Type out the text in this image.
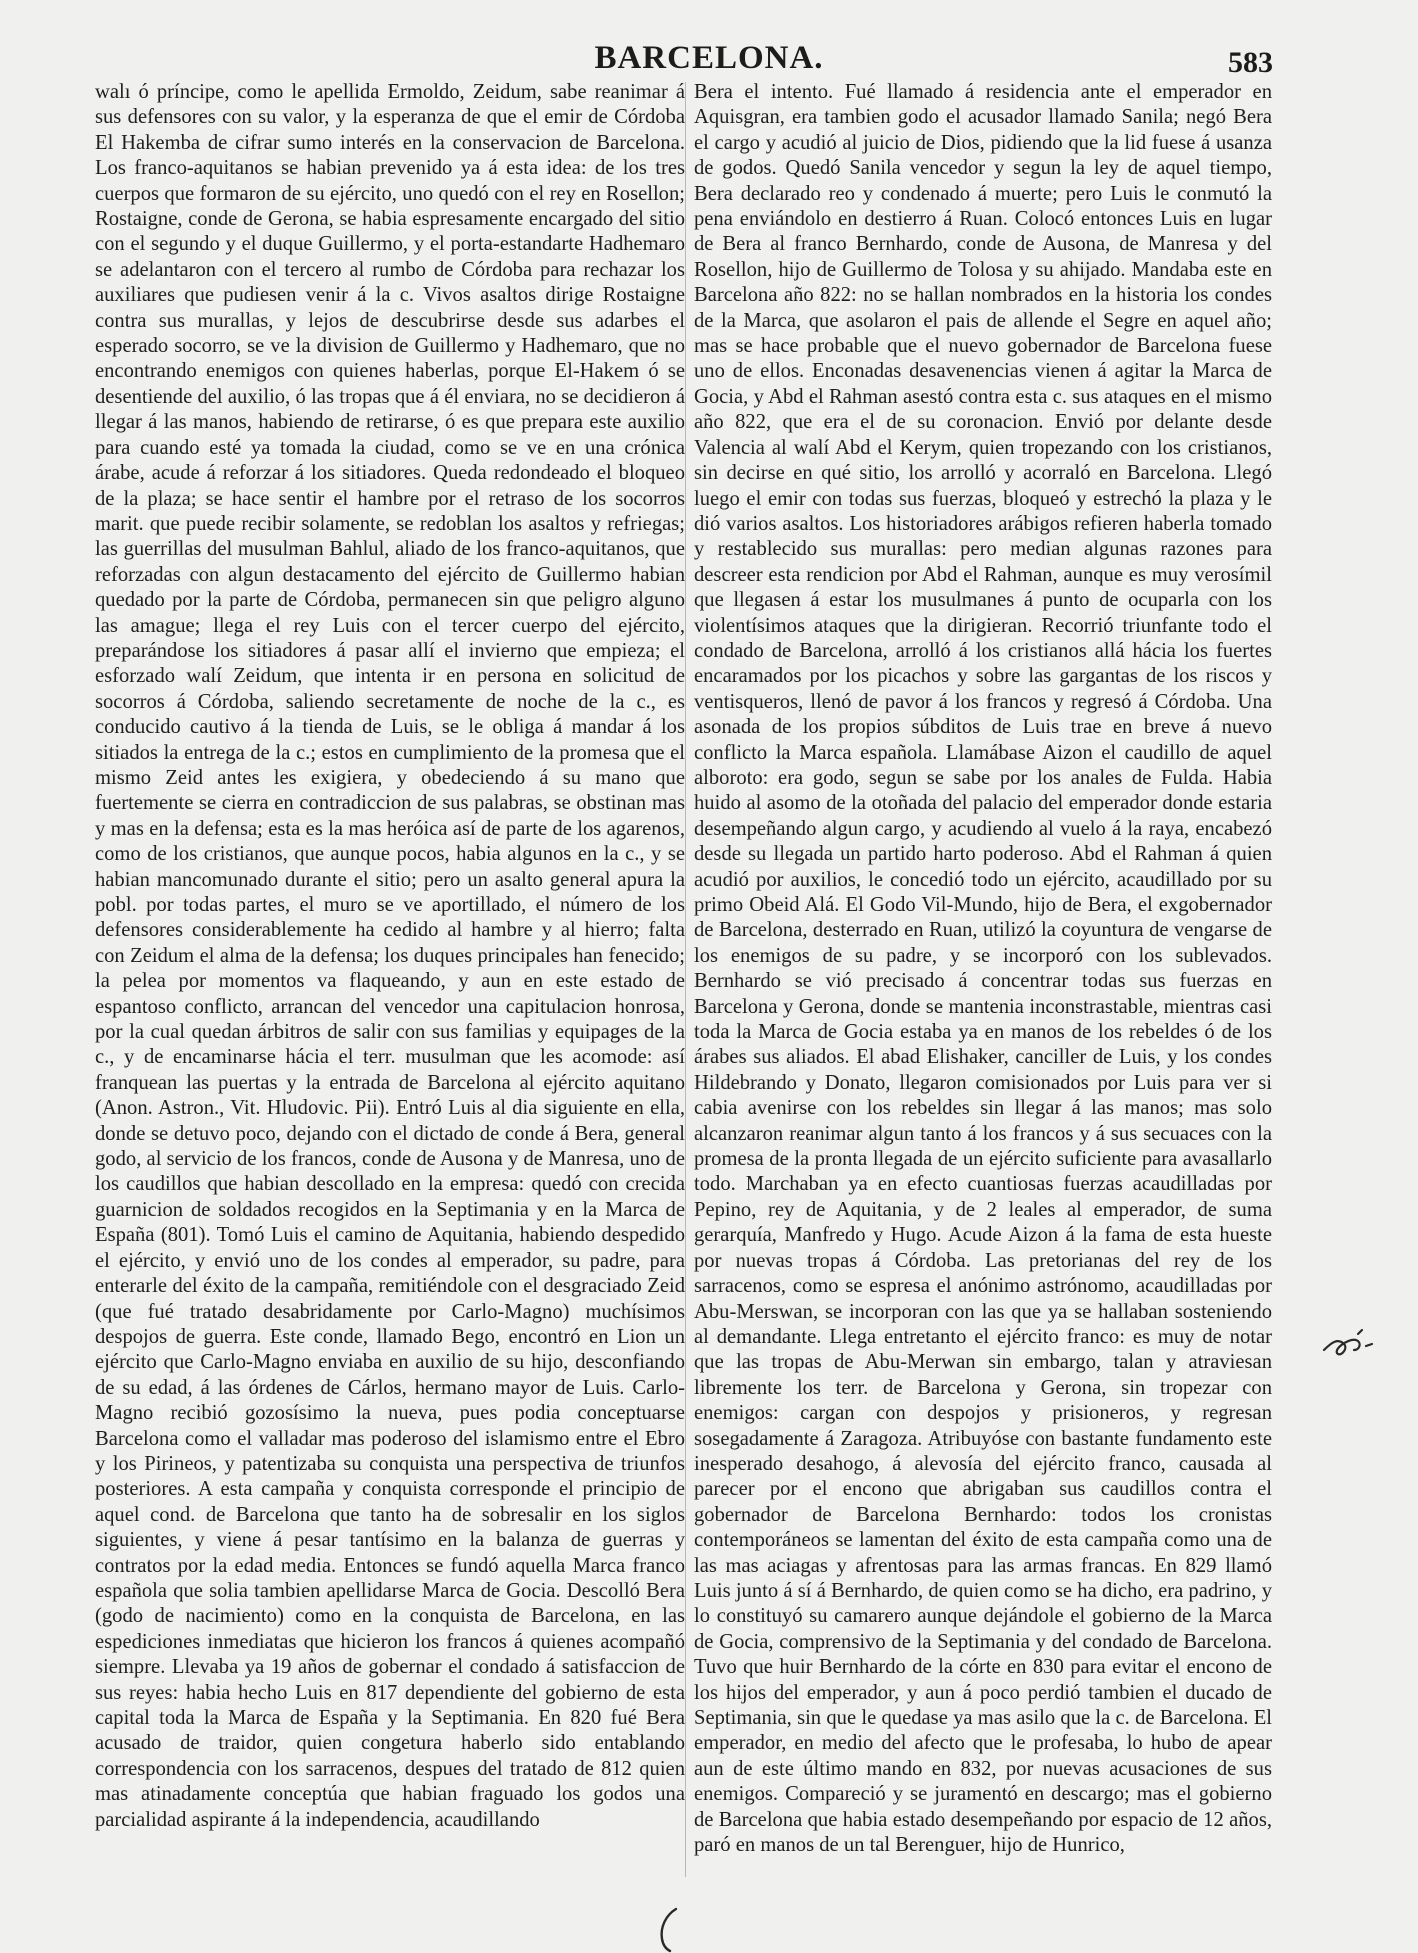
BARCELONA.	583

walı ó príncipe, como le apellida Ermoldo, Zeidum, sabe reanimar á sus defensores con su valor, y la esperanza de que el emir de Córdoba El Hakemba de cifrar sumo interés en la conservacion de Barcelona. Los franco-aquitanos se habian prevenido ya á esta idea: de los tres cuerpos que formaron de su ejército, uno quedó con el rey en Rosellon; Rostaigne, conde de Gerona, se habia espresamente encargado del sitio con el segundo y el duque Guillermo, y el porta-estandarte Hadhemaro se adelantaron con el tercero al rumbo de Córdoba para rechazar los auxiliares que pudiesen venir á la c. Vivos asaltos dirige Rostaigne contra sus murallas, y lejos de descubrirse desde sus adarbes el esperado socorro, se ve la division de Guillermo y Hadhemaro, que no encontrando enemigos con quienes haberlas, porque El-Hakem ó se desentiende del auxilio, ó las tropas que á él enviara, no se decidieron á llegar á las manos, habiendo de retirarse, ó es que prepara este auxilio para cuando esté ya tomada la ciudad, como se ve en una crónica árabe, acude á reforzar á los sitiadores. Queda redondeado el bloqueo de la plaza; se hace sentir el hambre por el retraso de los socorros marit. que puede recibir solamente, se redoblan los asaltos y refriegas; las guerrillas del musulman Bahlul, aliado de los franco-aquitanos, que reforzadas con algun destacamento del ejército de Guillermo habian quedado por la parte de Córdoba, permanecen sin que peligro alguno las amague; llega el rey Luis con el tercer cuerpo del ejército, preparándose los sitiadores á pasar allí el invierno que empieza; el esforzado walí Zeidum, que intenta ir en persona en solicitud de socorros á Córdoba, saliendo secretamente de noche de la c., es conducido cautivo á la tienda de Luis, se le obliga á mandar á los sitiados la entrega de la c.; estos en cumplimiento de la promesa que el mismo Zeid antes les exigiera, y obedeciendo á su mano que fuertemente se cierra en contradiccion de sus palabras, se obstinan mas y mas en la defensa; esta es la mas heróica así de parte de los agarenos, como de los cristianos, que aunque pocos, habia algunos en la c., y se habian mancomunado durante el sitio; pero un asalto general apura la pobl. por todas partes, el muro se ve aportillado, el número de los defensores considerablemente ha cedido al hambre y al hierro; falta con Zeidum el alma de la defensa; los duques principales han fenecido; la pelea por momentos va flaqueando, y aun en este estado de espantoso conflicto, arrancan del vencedor una capitulacion honrosa, por la cual quedan árbitros de salir con sus familias y equipages de la c., y de encaminarse hácia el terr. musulman que les acomode: así franquean las puertas y la entrada de Barcelona al ejército aquitano (Anon. Astron., Vit. Hludovic. Pii). Entró Luis al dia siguiente en ella, donde se detuvo poco, dejando con el dictado de conde á Bera, general godo, al servicio de los francos, conde de Ausona y de Manresa, uno de los caudillos que habian descollado en la empresa: quedó con crecida guarnicion de soldados recogidos en la Septimania y en la Marca de España (801). Tomó Luis el camino de Aquitania, habiendo despedido el ejército, y envió uno de los condes al emperador, su padre, para enterarle del éxito de la campaña, remitiéndole con el desgraciado Zeid (que fué tratado desabridamente por Carlo-Magno) muchísimos despojos de guerra. Este conde, llamado Bego, encontró en Lion un ejército que Carlo-Magno enviaba en auxilio de su hijo, desconfiando de su edad, á las órdenes de Cárlos, hermano mayor de Luis. Carlo-Magno recibió gozosísimo la nueva, pues podia conceptuarse Barcelona como el valladar mas poderoso del islamismo entre el Ebro y los Pirineos, y patentizaba su conquista una perspectiva de triunfos posteriores. A esta campaña y conquista corresponde el principio de aquel cond. de Barcelona que tanto ha de sobresalir en los siglos siguientes, y viene á pesar tantísimo en la balanza de guerras y contratos por la edad media. Entonces se fundó aquella Marca franco española que solia tambien apellidarse Marca de Gocia. Descolló Bera (godo de nacimiento) como en la conquista de Barcelona, en las espediciones inmediatas que hicieron los francos á quienes acompañó siempre. Llevaba ya 19 años de gobernar el condado á satisfaccion de sus reyes: habia hecho Luis en 817 dependiente del gobierno de esta capital toda la Marca de España y la Septimania. En 820 fué Bera acusado de traidor, quien congetura haberlo sido entablando correspondencia con los sarracenos, despues del tratado de 812 quien mas atinadamente conceptúa que habian fraguado los godos una parcialidad aspirante á la independencia, acaudillando

Bera el intento. Fué llamado á residencia ante el emperador en Aquisgran, era tambien godo el acusador llamado Sanila; negó Bera el cargo y acudió al juicio de Dios, pidiendo que la lid fuese á usanza de godos. Quedó Sanila vencedor y segun la ley de aquel tiempo, Bera declarado reo y condenado á muerte; pero Luis le conmutó la pena enviándolo en destierro á Ruan. Colocó entonces Luis en lugar de Bera al franco Bernhardo, conde de Ausona, de Manresa y del Rosellon, hijo de Guillermo de Tolosa y su ahijado. Mandaba este en Barcelona año 822: no se hallan nombrados en la historia los condes de la Marca, que asolaron el pais de allende el Segre en aquel año; mas se hace probable que el nuevo gobernador de Barcelona fuese uno de ellos. Enconadas desavenencias vienen á agitar la Marca de Gocia, y Abd el Rahman asestó contra esta c. sus ataques en el mismo año 822, que era el de su coronacion. Envió por delante desde Valencia al walí Abd el Kerym, quien tropezando con los cristianos, sin decirse en qué sitio, los arrolló y acorraló en Barcelona. Llegó luego el emir con todas sus fuerzas, bloqueó y estrechó la plaza y le dió varios asaltos. Los historiadores arábigos refieren haberla tomado y restablecido sus murallas: pero median algunas razones para descreer esta rendicion por Abd el Rahman, aunque es muy verosímil que llegasen á estar los musulmanes á punto de ocuparla con los violentísimos ataques que la dirigieran. Recorrió triunfante todo el condado de Barcelona, arrolló á los cristianos allá hácia los fuertes encaramados por los picachos y sobre las gargantas de los riscos y ventisqueros, llenó de pavor á los francos y regresó á Córdoba. Una asonada de los propios súbditos de Luis trae en breve á nuevo conflicto la Marca española. Llamábase Aizon el caudillo de aquel alboroto: era godo, segun se sabe por los anales de Fulda. Habia huido al asomo de la otoñada del palacio del emperador donde estaria desempeñando algun cargo, y acudiendo al vuelo á la raya, encabezó desde su llegada un partido harto poderoso. Abd el Rahman á quien acudió por auxilios, le concedió todo un ejército, acaudillado por su primo Obeid Alá. El Godo Vil-Mundo, hijo de Bera, el exgobernador de Barcelona, desterrado en Ruan, utilizó la coyuntura de vengarse de los enemigos de su padre, y se incorporó con los sublevados. Bernhardo se vió precisado á concentrar todas sus fuerzas en Barcelona y Gerona, donde se mantenia inconstrastable, mientras casi toda la Marca de Gocia estaba ya en manos de los rebeldes ó de los árabes sus aliados. El abad Elishaker, canciller de Luis, y los condes Hildebrando y Donato, llegaron comisionados por Luis para ver si cabia avenirse con los rebeldes sin llegar á las manos; mas solo alcanzaron reanimar algun tanto á los francos y á sus secuaces con la promesa de la pronta llegada de un ejército suficiente para avasallarlo todo. Marchaban ya en efecto cuantiosas fuerzas acaudilladas por Pepino, rey de Aquitania, y de 2 leales al emperador, de suma gerarquía, Manfredo y Hugo. Acude Aizon á la fama de esta hueste por nuevas tropas á Córdoba. Las pretorianas del rey de los sarracenos, como se espresa el anónimo astrónomo, acaudilladas por Abu-Merswan, se incorporan con las que ya se hallaban sosteniendo al demandante. Llega entretanto el ejército franco: es muy de notar que las tropas de Abu-Merwan sin embargo, talan y atraviesan libremente los terr. de Barcelona y Gerona, sin tropezar con enemigos: cargan con despojos y prisioneros, y regresan sosegadamente á Zaragoza. Atribuyóse con bastante fundamento este inesperado desahogo, á alevosía del ejército franco, causada al parecer por el encono que abrigaban sus caudillos contra el gobernador de Barcelona Bernhardo: todos los cronistas contemporáneos se lamentan del éxito de esta campaña como una de las mas aciagas y afrentosas para las armas francas. En 829 llamó Luis junto á sí á Bernhardo, de quien como se ha dicho, era padrino, y lo constituyó su camarero aunque dejándole el gobierno de la Marca de Gocia, comprensivo de la Septimania y del condado de Barcelona. Tuvo que huir Bernhardo de la córte en 830 para evitar el encono de los hijos del emperador, y aun á poco perdió tambien el ducado de Septimania, sin que le quedase ya mas asilo que la c. de Barcelona. El emperador, en medio del afecto que le profesaba, lo hubo de apear aun de este último mando en 832, por nuevas acusaciones de sus enemigos. Compareció y se juramentó en descargo; mas el gobierno de Barcelona que habia estado desempeñando por espacio de 12 años, paró en manos de un tal Berenguer, hijo de Hunrico,
